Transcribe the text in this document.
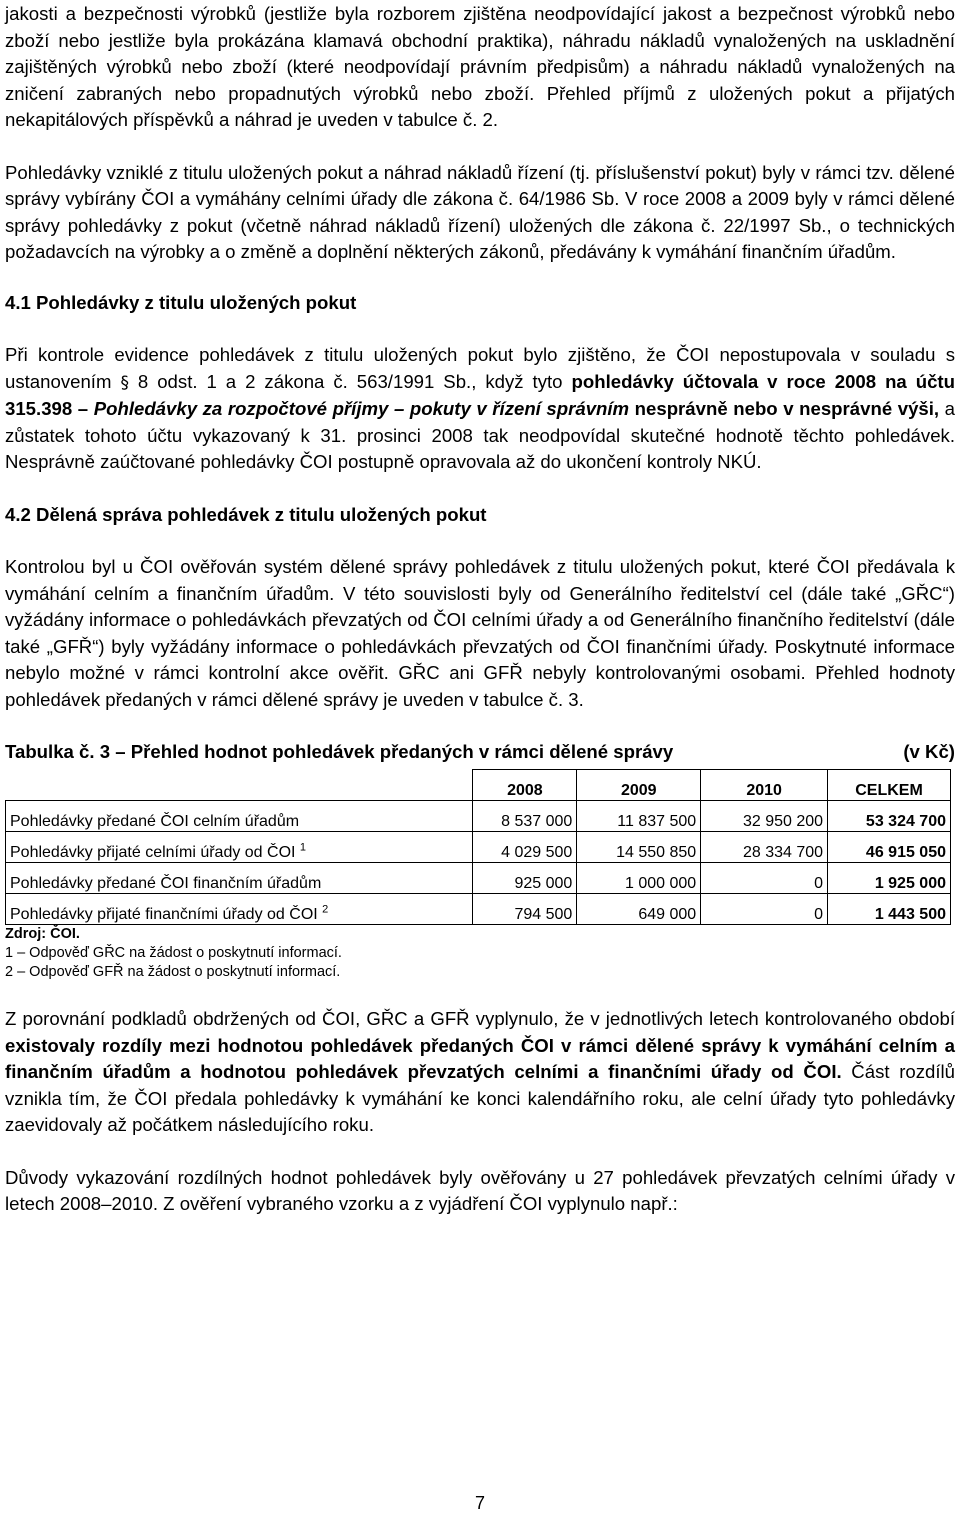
jakosti a bezpečnosti výrobků (jestliže byla rozborem zjištěna neodpovídající jakost a bezpečnost výrobků nebo zboží nebo jestliže byla prokázána klamavá obchodní praktika), náhradu nákladů vynaložených na uskladnění zajištěných výrobků nebo zboží (které neodpovídají právním předpisům) a náhradu nákladů vynaložených na zničení zabraných nebo propadnutých výrobků nebo zboží. Přehled příjmů z uložených pokut a přijatých nekapitálových příspěvků a náhrad je uveden v tabulce č. 2.

Pohledávky vzniklé z titulu uložených pokut a náhrad nákladů řízení (tj. příslušenství pokut) byly v rámci tzv. dělené správy vybírány ČOI a vymáhány celními úřady dle zákona č. 64/1986 Sb. V roce 2008 a 2009 byly v rámci dělené správy pohledávky z pokut (včetně náhrad nákladů řízení) uložených dle zákona č. 22/1997 Sb., o technických požadavcích na výrobky a o změně a doplnění některých zákonů, předávány k vymáhání finančním úřadům.

4.1 Pohledávky z titulu uložených pokut

Při kontrole evidence pohledávek z titulu uložených pokut bylo zjištěno, že ČOI nepostupovala v souladu s ustanovením § 8 odst. 1 a 2 zákona č. 563/1991 Sb., když tyto pohledávky účtovala v roce 2008 na účtu 315.398 – Pohledávky za rozpočtové příjmy – pokuty v řízení správním nesprávně nebo v nesprávné výši, a zůstatek tohoto účtu vykazovaný k 31. prosinci 2008 tak neodpovídal skutečné hodnotě těchto pohledávek. Nesprávně zaúčtované pohledávky ČOI postupně opravovala až do ukončení kontroly NKÚ.

4.2 Dělená správa pohledávek z titulu uložených pokut

Kontrolou byl u ČOI ověřován systém dělené správy pohledávek z titulu uložených pokut, které ČOI předávala k vymáhání celním a finančním úřadům. V této souvislosti byly od Generálního ředitelství cel (dále také „GŘC“) vyžádány informace o pohledávkách převzatých od ČOI celními úřady a od Generálního finančního ředitelství (dále také „GFŘ“) byly vyžádány informace o pohledávkách převzatých od ČOI finančními úřady. Poskytnuté informace nebylo možné v rámci kontrolní akce ověřit. GŘC ani GFŘ nebyly kontrolovanými osobami. Přehled hodnoty pohledávek předaných v rámci dělené správy je uveden v tabulce č. 3.

Tabulka č. 3 – Přehled hodnot pohledávek předaných v rámci dělené správy	(v Kč)
	2008	2009	2010	CELKEM
Pohledávky předané ČOI celním úřadům	8 537 000	11 837 500	32 950 200	53 324 700
Pohledávky přijaté celními úřady od ČOI $^1$	4 029 500	14 550 850	28 334 700	46 915 050
Pohledávky předané ČOI finančním úřadům	925 000	1 000 000	0	1 925 000
Pohledávky přijaté finančními úřady od ČOI $^2$	794 500	649 000	0	1 443 500
Zdroj: ČOI.
1 – Odpověď GŘC na žádost o poskytnutí informací.
2 – Odpověď GFŘ na žádost o poskytnutí informací.

Z porovnání podkladů obdržených od ČOI, GŘC a GFŘ vyplynulo, že v jednotlivých letech kontrolovaného období existovaly rozdíly mezi hodnotou pohledávek předaných ČOI v rámci dělené správy k vymáhání celním a finančním úřadům a hodnotou pohledávek převzatých celními a finančními úřady od ČOI. Část rozdílů vznikla tím, že ČOI předala pohledávky k vymáhání ke konci kalendářního roku, ale celní úřady tyto pohledávky zaevidovaly až počátkem následujícího roku.

Důvody vykazování rozdílných hodnot pohledávek byly ověřovány u 27 pohledávek převzatých celními úřady v letech 2008–2010. Z ověření vybraného vzorku a z vyjádření ČOI vyplynulo např.:

7
